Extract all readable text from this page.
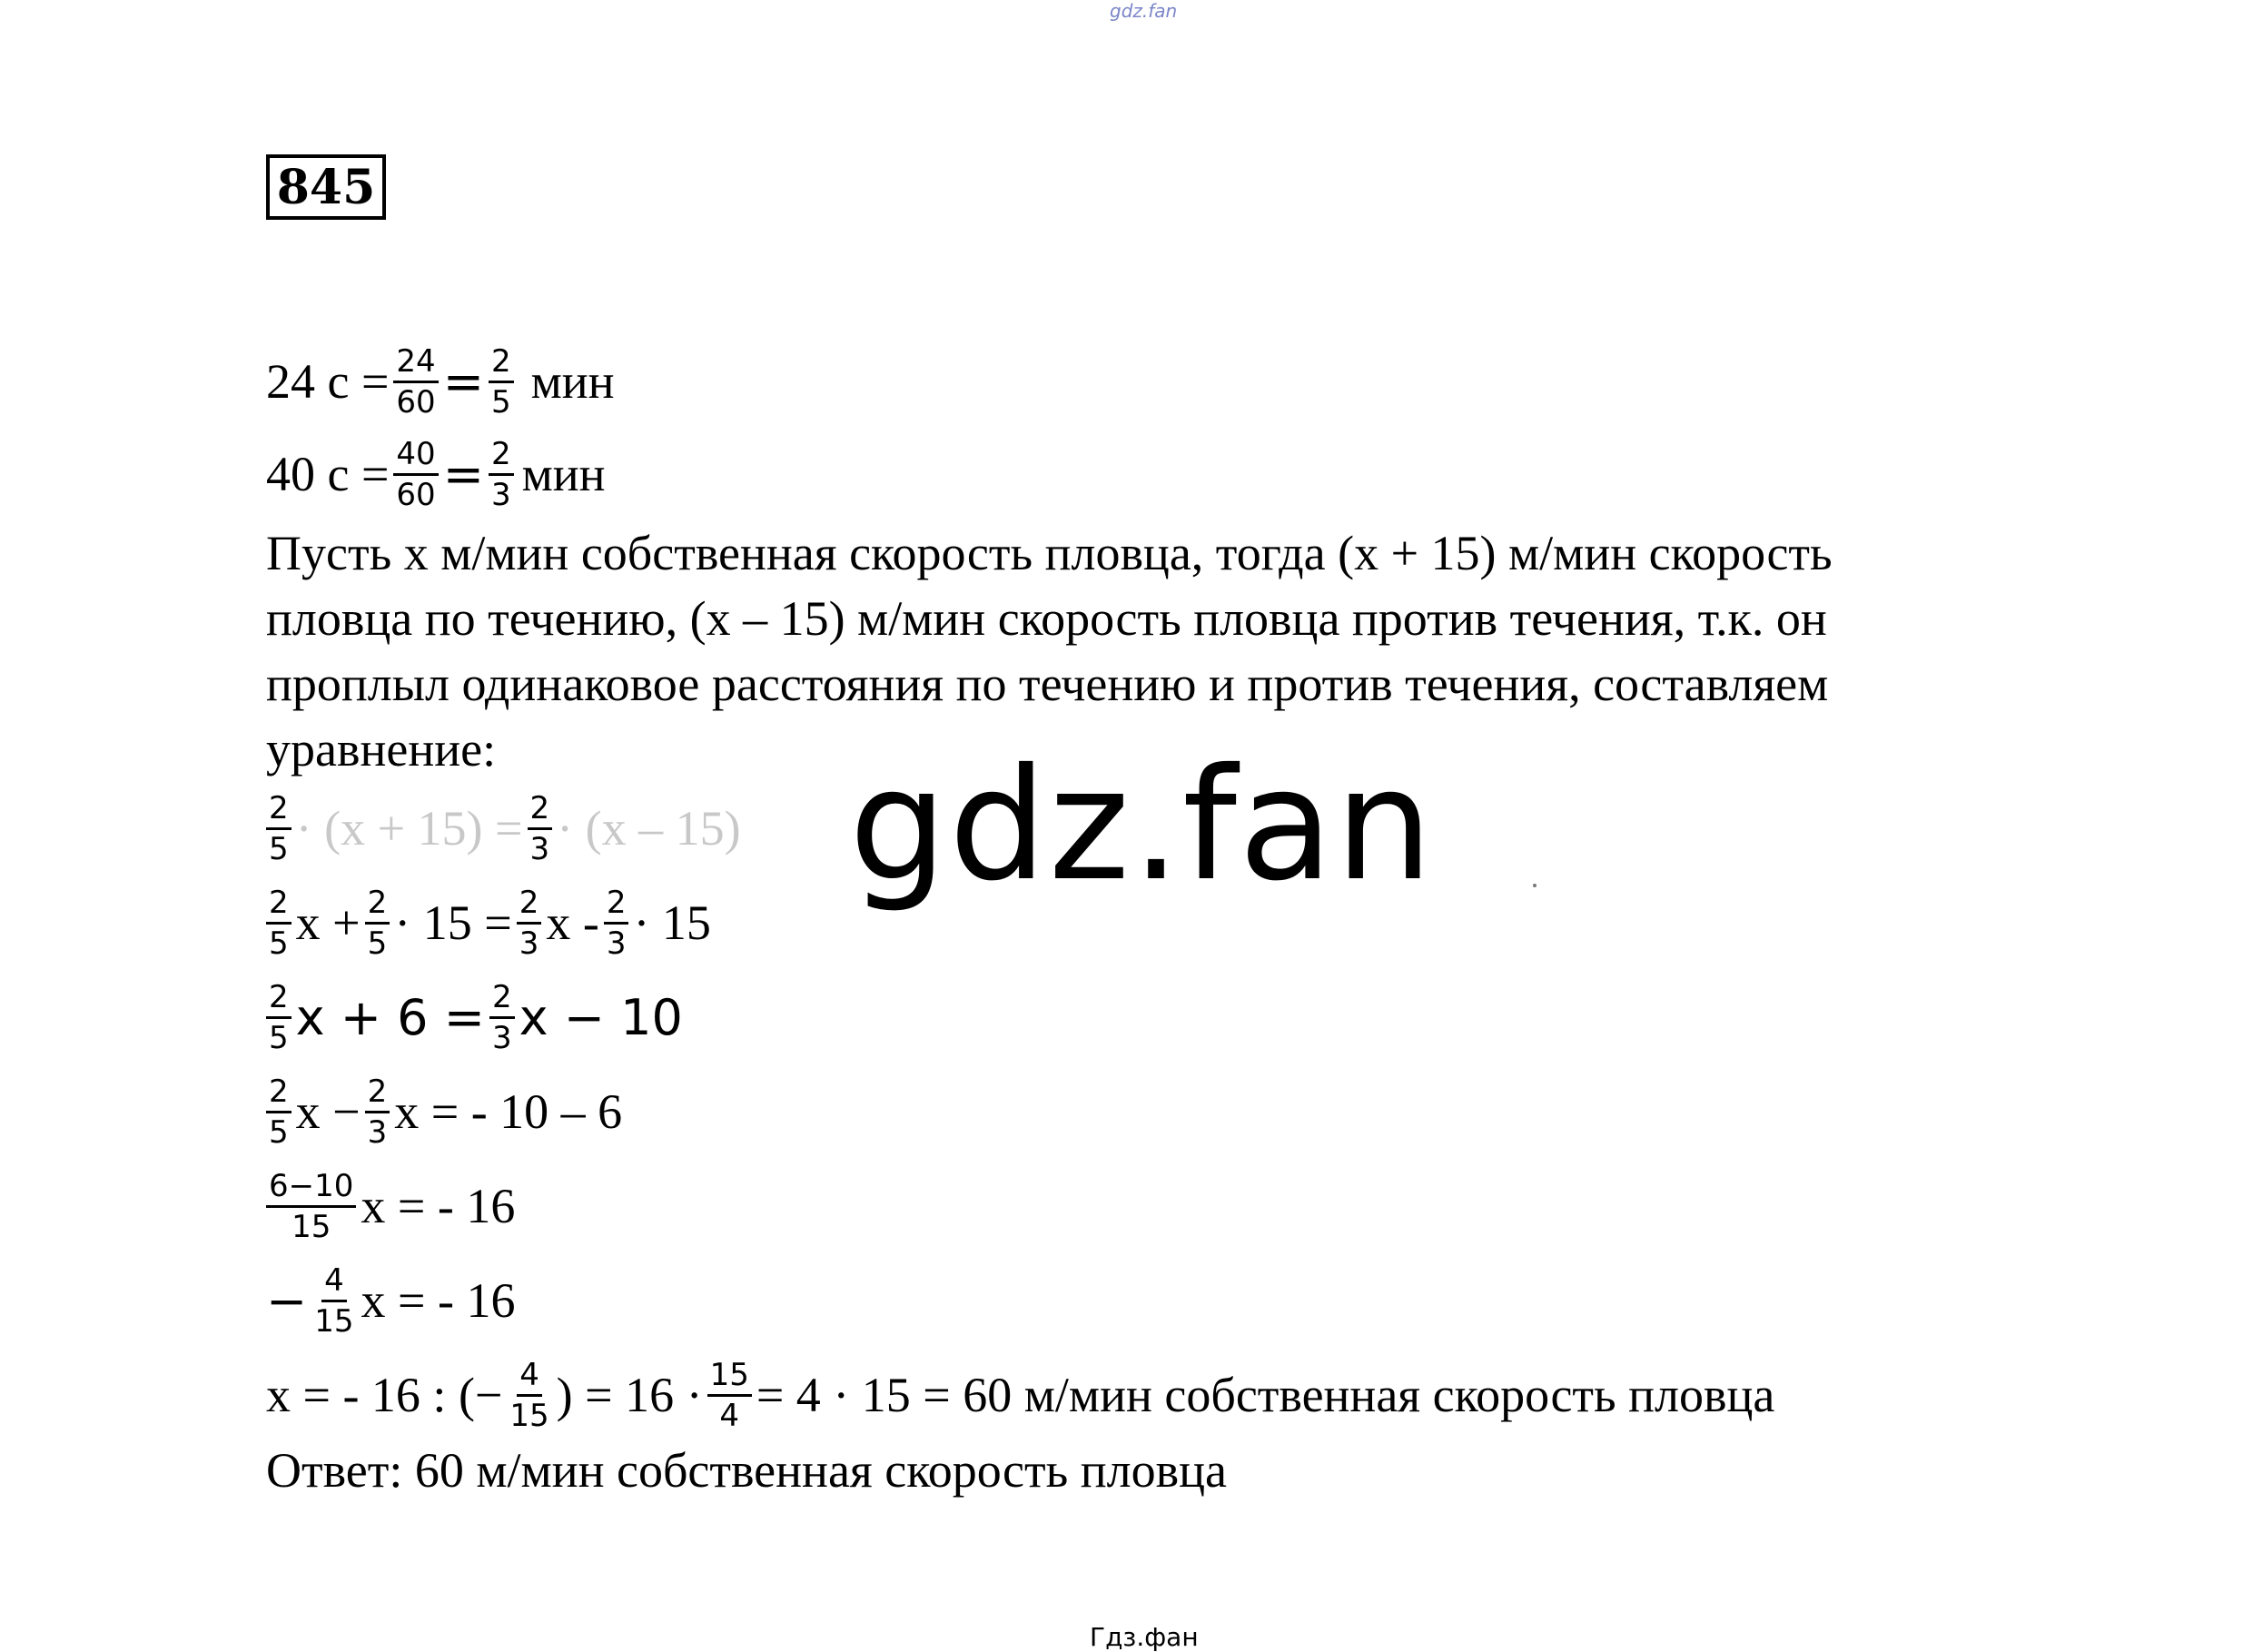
gdz.fan
845
24 $с = \frac{24}{60} = \frac{2}{5}$ мин
40 $с = \frac{40}{60} = \frac{2}{3}$ мин
Пусть x м/мин собственная скорость пловца, тогда (x + 15) м/мин скорость
пловца по течению, (x – 15) м/мин скорость пловца против течения, т.к. он
проплыл одинаковое расстояния по течению и против течения, составляем
уравнение:
$\frac{2}{5} \cdot (x + 15) = \frac{2}{3} \cdot (x - 15)$
$\frac{2}{5}$ $x + \frac{2}{5} \cdot 15 = \frac{2}{3}$ $x - \frac{2}{3} \cdot 15$
$\frac{2}{5}$ $x + 6 = \frac{2}{3}$ x − 10
$\frac{2}{5}$ $x - \frac{2}{3}$ x = - 10 – 6
$\frac{6-10}{15}$ x = - 16
− $\frac{4}{15}$ x = - 16
x = - 16 : (− $\frac{4}{15}$ ) = $16 \cdot \frac{15}{4} = 4 \cdot 15 = 60$ м/мин собственная скорость пловца
Ответ: 60 м/мин собственная скорость пловца
gdz.fan
Гдз.фан
